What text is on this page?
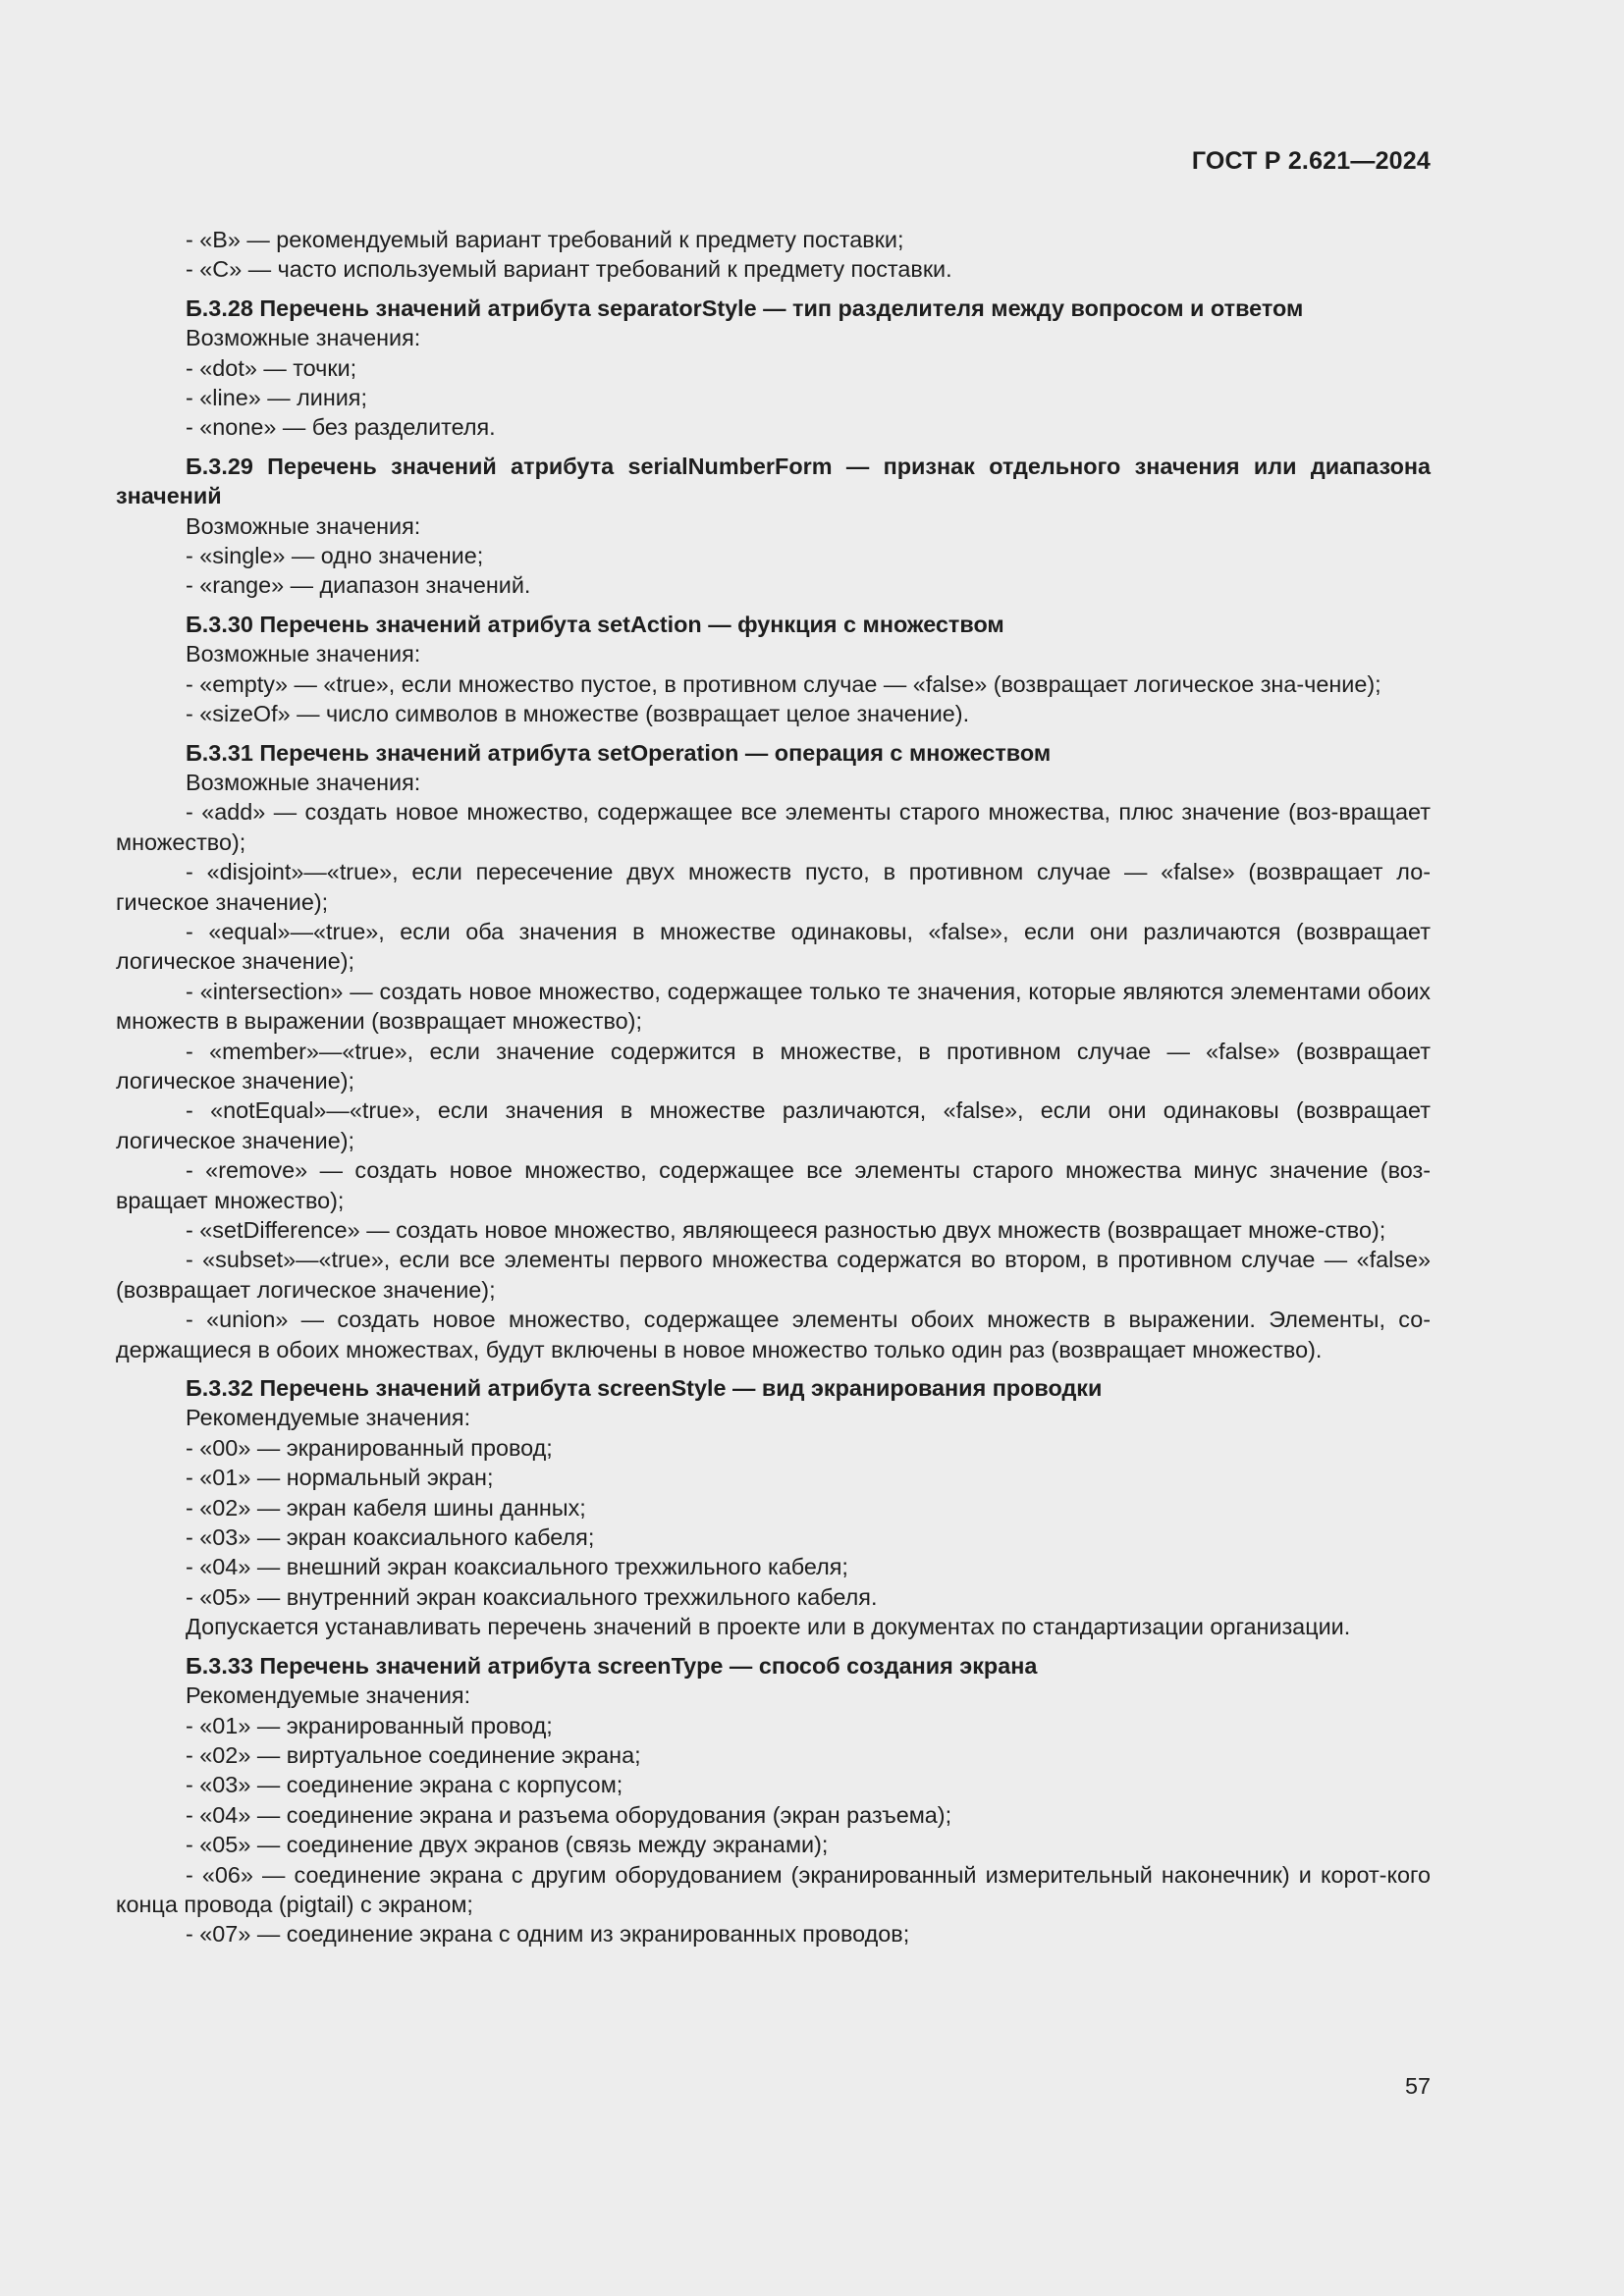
ГОСТ Р 2.621—2024

- «B» — рекомендуемый вариант требований к предмету поставки;

- «C» — часто используемый вариант требований к предмету поставки.

Б.3.28 Перечень значений атрибута separatorStyle — тип разделителя между вопросом и ответом

Возможные значения:

- «dot» — точки;

- «line» — линия;

- «none» — без разделителя.

Б.3.29 Перечень значений атрибута serialNumberForm — признак отдельного значения или диапазона значений

Возможные значения:

- «single» — одно значение;

- «range» — диапазон значений.

Б.3.30 Перечень значений атрибута setAction — функция с множеством

Возможные значения:

- «empty» — «true», если множество пустое, в противном случае — «false» (возвращает логическое зна-чение);

- «sizeOf» — число символов в множестве (возвращает целое значение).

Б.3.31 Перечень значений атрибута setOperation — операция с множеством

Возможные значения:

- «add» — создать новое множество, содержащее все элементы старого множества, плюс значение (воз-вращает множество);

- «disjoint»—«true», если пересечение двух множеств пусто, в противном случае — «false» (возвращает ло-гическое значение);

- «equal»—«true», если оба значения в множестве одинаковы, «false», если они различаются (возвращает логическое значение);

- «intersection» — создать новое множество, содержащее только те значения, которые являются элементами обоих множеств в выражении (возвращает множество);

- «member»—«true», если значение содержится в множестве, в противном случае — «false» (возвращает логическое значение);

- «notEqual»—«true», если значения в множестве различаются, «false», если они одинаковы (возвращает логическое значение);

- «remove» — создать новое множество, содержащее все элементы старого множества минус значение (воз-вращает множество);

- «setDifference» — создать новое множество, являющееся разностью двух множеств (возвращает множе-ство);

- «subset»—«true», если все элементы первого множества содержатся во втором, в противном случае — «false» (возвращает логическое значение);

- «union» — создать новое множество, содержащее элементы обоих множеств в выражении. Элементы, со-держащиеся в обоих множествах, будут включены в новое множество только один раз (возвращает множество).

Б.3.32 Перечень значений атрибута screenStyle — вид экранирования проводки

Рекомендуемые значения:

- «00» — экранированный провод;

- «01» — нормальный экран;

- «02» — экран кабеля шины данных;

- «03» — экран коаксиального кабеля;

- «04» — внешний экран коаксиального трехжильного кабеля;

- «05» — внутренний экран коаксиального трехжильного кабеля.

Допускается устанавливать перечень значений в проекте или в документах по стандартизации организации.

Б.3.33 Перечень значений атрибута screenType — способ создания экрана

Рекомендуемые значения:

- «01» — экранированный провод;

- «02» — виртуальное соединение экрана;

- «03» — соединение экрана с корпусом;

- «04» — соединение экрана и разъема оборудования (экран разъема);

- «05» — соединение двух экранов (связь между экранами);

- «06» — соединение экрана с другим оборудованием (экранированный измерительный наконечник) и корот-кого конца провода (pigtail) с экраном;

- «07» — соединение экрана с одним из экранированных проводов;

57
